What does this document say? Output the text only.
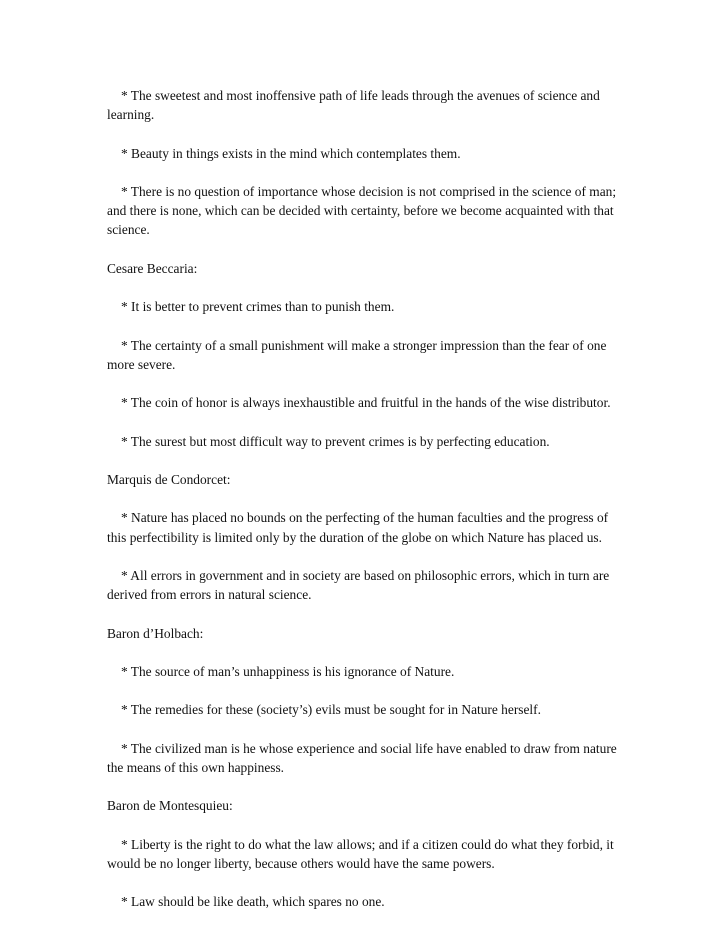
* The sweetest and most inoffensive path of life leads through the avenues of science and learning.

* Beauty in things exists in the mind which contemplates them.

* There is no question of importance whose decision is not comprised in the science of man; and there is none, which can be decided with certainty, before we become acquainted with that science.

Cesare Beccaria:

* It is better to prevent crimes than to punish them.

* The certainty of a small punishment will make a stronger impression than the fear of one more severe.

* The coin of honor is always inexhaustible and fruitful in the hands of the wise distributor.

* The surest but most difficult way to prevent crimes is by perfecting education.

Marquis de Condorcet:

* Nature has placed no bounds on the perfecting of the human faculties and the progress of this perfectibility is limited only by the duration of the globe on which Nature has placed us.

* All errors in government and in society are based on philosophic errors, which in turn are derived from errors in natural science.

Baron d’Holbach:

* The source of man’s unhappiness is his ignorance of Nature.

* The remedies for these (society’s) evils must be sought for in Nature herself.

* The civilized man is he whose experience and social life have enabled to draw from nature the means of this own happiness.

Baron de Montesquieu:

* Liberty is the right to do what the law allows; and if a citizen could do what they forbid, it would be no longer liberty, because others would have the same powers.

* Law should be like death, which spares no one.
